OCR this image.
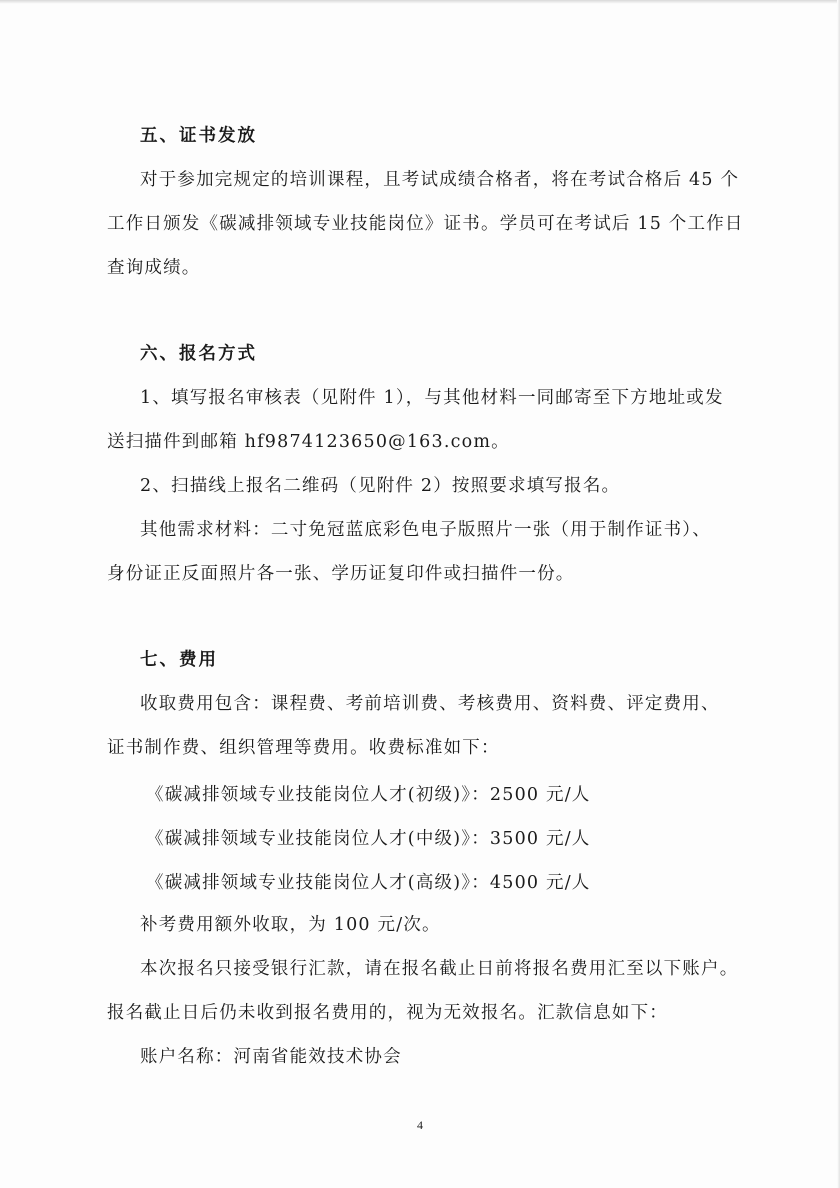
五、证书发放
对于参加完规定的培训课程，且考试成绩合格者，将在考试合格后 45 个
工作日颁发《碳减排领域专业技能岗位》证书。学员可在考试后 15 个工作日
查询成绩。
六、报名方式
1、填写报名审核表（见附件 1），与其他材料一同邮寄至下方地址或发
送扫描件到邮箱 hf9874123650@163.com。
2、扫描线上报名二维码（见附件 2）按照要求填写报名。
其他需求材料：二寸免冠蓝底彩色电子版照片一张（用于制作证书）、
身份证正反面照片各一张、学历证复印件或扫描件一份。
七、费用
收取费用包含：课程费、考前培训费、考核费用、资料费、评定费用、
证书制作费、组织管理等费用。收费标准如下：
《碳减排领域专业技能岗位人才(初级)》：2500 元/人
《碳减排领域专业技能岗位人才(中级)》：3500 元/人
《碳减排领域专业技能岗位人才(高级)》：4500 元/人
补考费用额外收取，为 100 元/次。
本次报名只接受银行汇款，请在报名截止日前将报名费用汇至以下账户。
报名截止日后仍未收到报名费用的，视为无效报名。汇款信息如下：
账户名称：河南省能效技术协会
4
